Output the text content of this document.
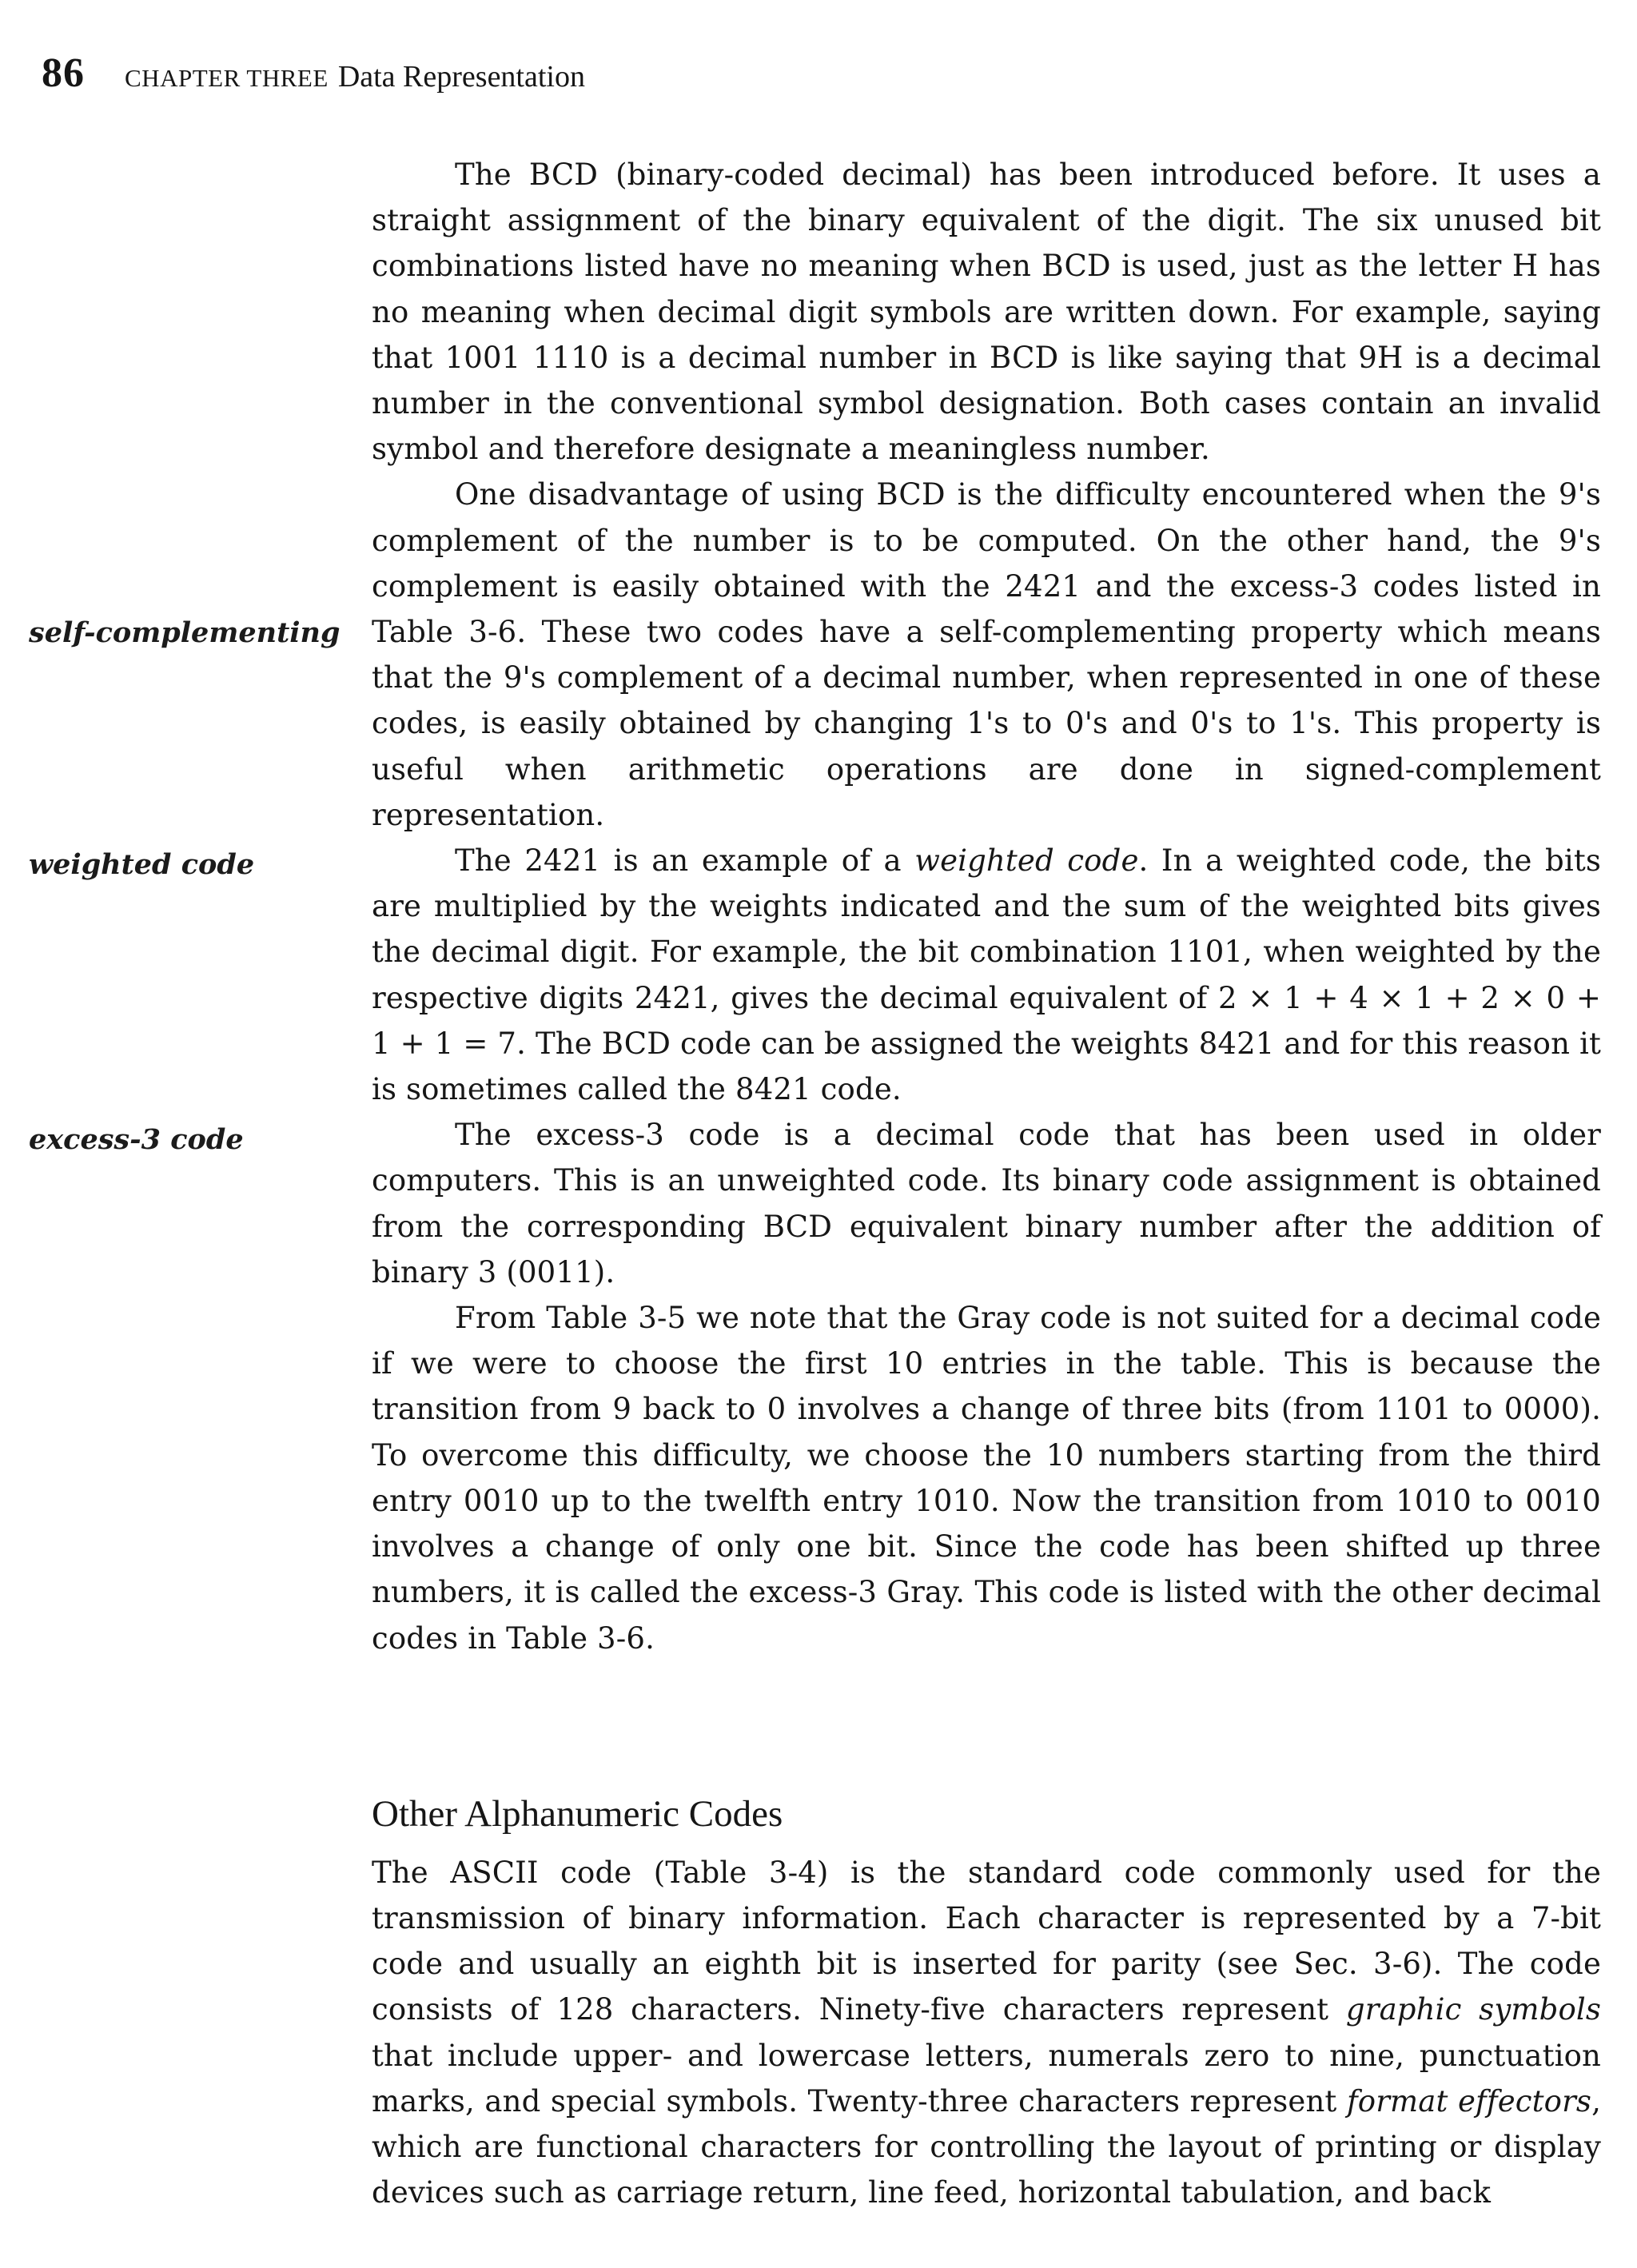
86 CHAPTER THREE Data Representation
self-complementing
weighted code
excess-3 code

The BCD (binary-coded decimal) has been introduced before. It uses a straight assignment of the binary equivalent of the digit. The six unused bit combinations listed have no meaning when BCD is used, just as the letter H has no meaning when decimal digit symbols are written down. For example, saying that 1001 1110 is a decimal number in BCD is like saying that 9H is a decimal number in the conventional symbol designation. Both cases contain an invalid symbol and therefore designate a meaningless number.

One disadvantage of using BCD is the difficulty encountered when the 9's complement of the number is to be computed. On the other hand, the 9's complement is easily obtained with the 2421 and the excess-3 codes listed in Table 3-6. These two codes have a self-complementing property which means that the 9's complement of a decimal number, when represented in one of these codes, is easily obtained by changing 1's to 0's and 0's to 1's. This property is useful when arithmetic operations are done in signed-complement representation.

The 2421 is an example of a weighted code. In a weighted code, the bits are multiplied by the weights indicated and the sum of the weighted bits gives the decimal digit. For example, the bit combination 1101, when weighted by the respective digits 2421, gives the decimal equivalent of 2 × 1 + 4 × 1 + 2 × 0 + 1 + 1 = 7. The BCD code can be assigned the weights 8421 and for this reason it is sometimes called the 8421 code.

The excess-3 code is a decimal code that has been used in older computers. This is an unweighted code. Its binary code assignment is obtained from the corresponding BCD equivalent binary number after the addition of binary 3 (0011).

From Table 3-5 we note that the Gray code is not suited for a decimal code if we were to choose the first 10 entries in the table. This is because the transition from 9 back to 0 involves a change of three bits (from 1101 to 0000). To overcome this difficulty, we choose the 10 numbers starting from the third entry 0010 up to the twelfth entry 1010. Now the transition from 1010 to 0010 involves a change of only one bit. Since the code has been shifted up three numbers, it is called the excess-3 Gray. This code is listed with the other decimal codes in Table 3-6.

Other Alphanumeric Codes

The ASCII code (Table 3-4) is the standard code commonly used for the transmission of binary information. Each character is represented by a 7-bit code and usually an eighth bit is inserted for parity (see Sec. 3-6). The code consists of 128 characters. Ninety-five characters represent graphic symbols that include upper- and lowercase letters, numerals zero to nine, punctuation marks, and special symbols. Twenty-three characters represent format effectors, which are functional characters for controlling the layout of printing or display devices such as carriage return, line feed, horizontal tabulation, and back
